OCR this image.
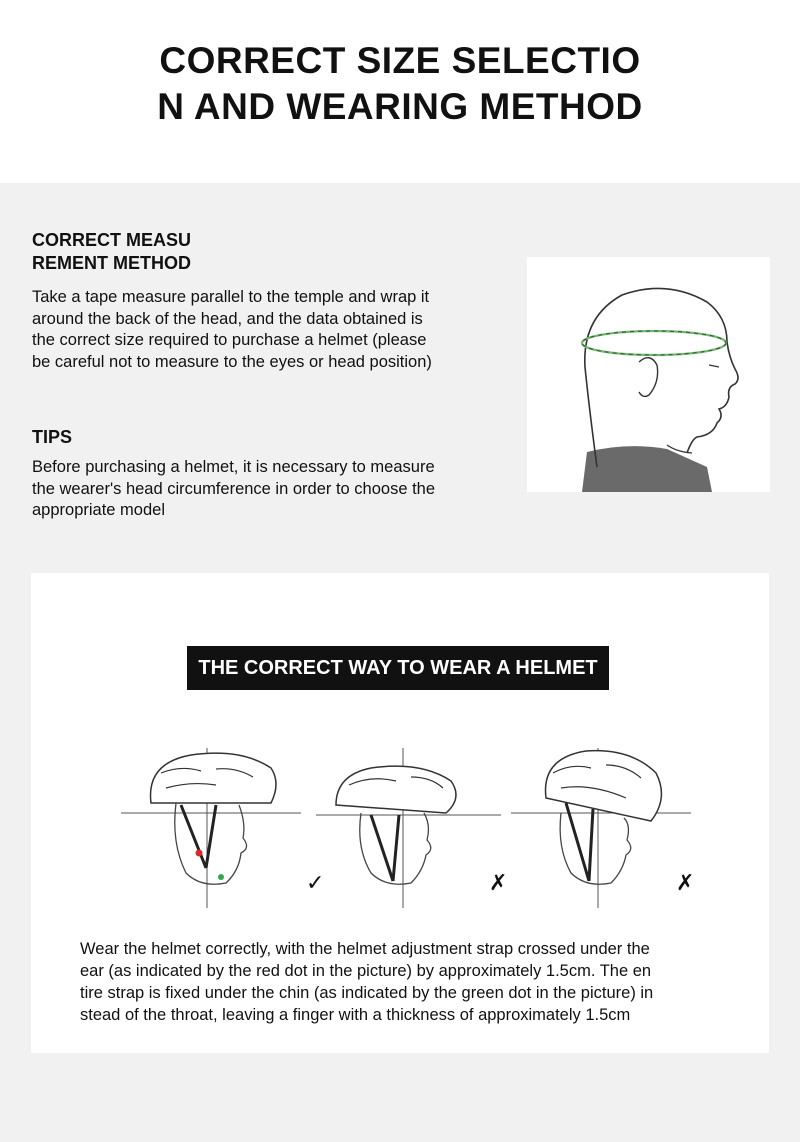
CORRECT SIZE SELECTIO
N AND WEARING METHOD
CORRECT MEASU
REMENT METHOD

Take a tape measure parallel to the temple and wrap it
around the back of the head, and the data obtained is
the correct size required to purchase a helmet (please
be careful not to measure to the eyes or head position)

TIPS

Before purchasing a helmet, it is necessary to measure
the wearer's head circumference in order to choose the
appropriate model

THE CORRECT WAY TO WEAR A HELMET
✓	✗	✗

Wear the helmet correctly, with the helmet adjustment strap crossed under the
ear (as indicated by the red dot in the picture) by approximately 1.5cm. The en
tire strap is fixed under the chin (as indicated by the green dot in the picture) in
stead of the throat, leaving a finger with a thickness of approximately 1.5cm
